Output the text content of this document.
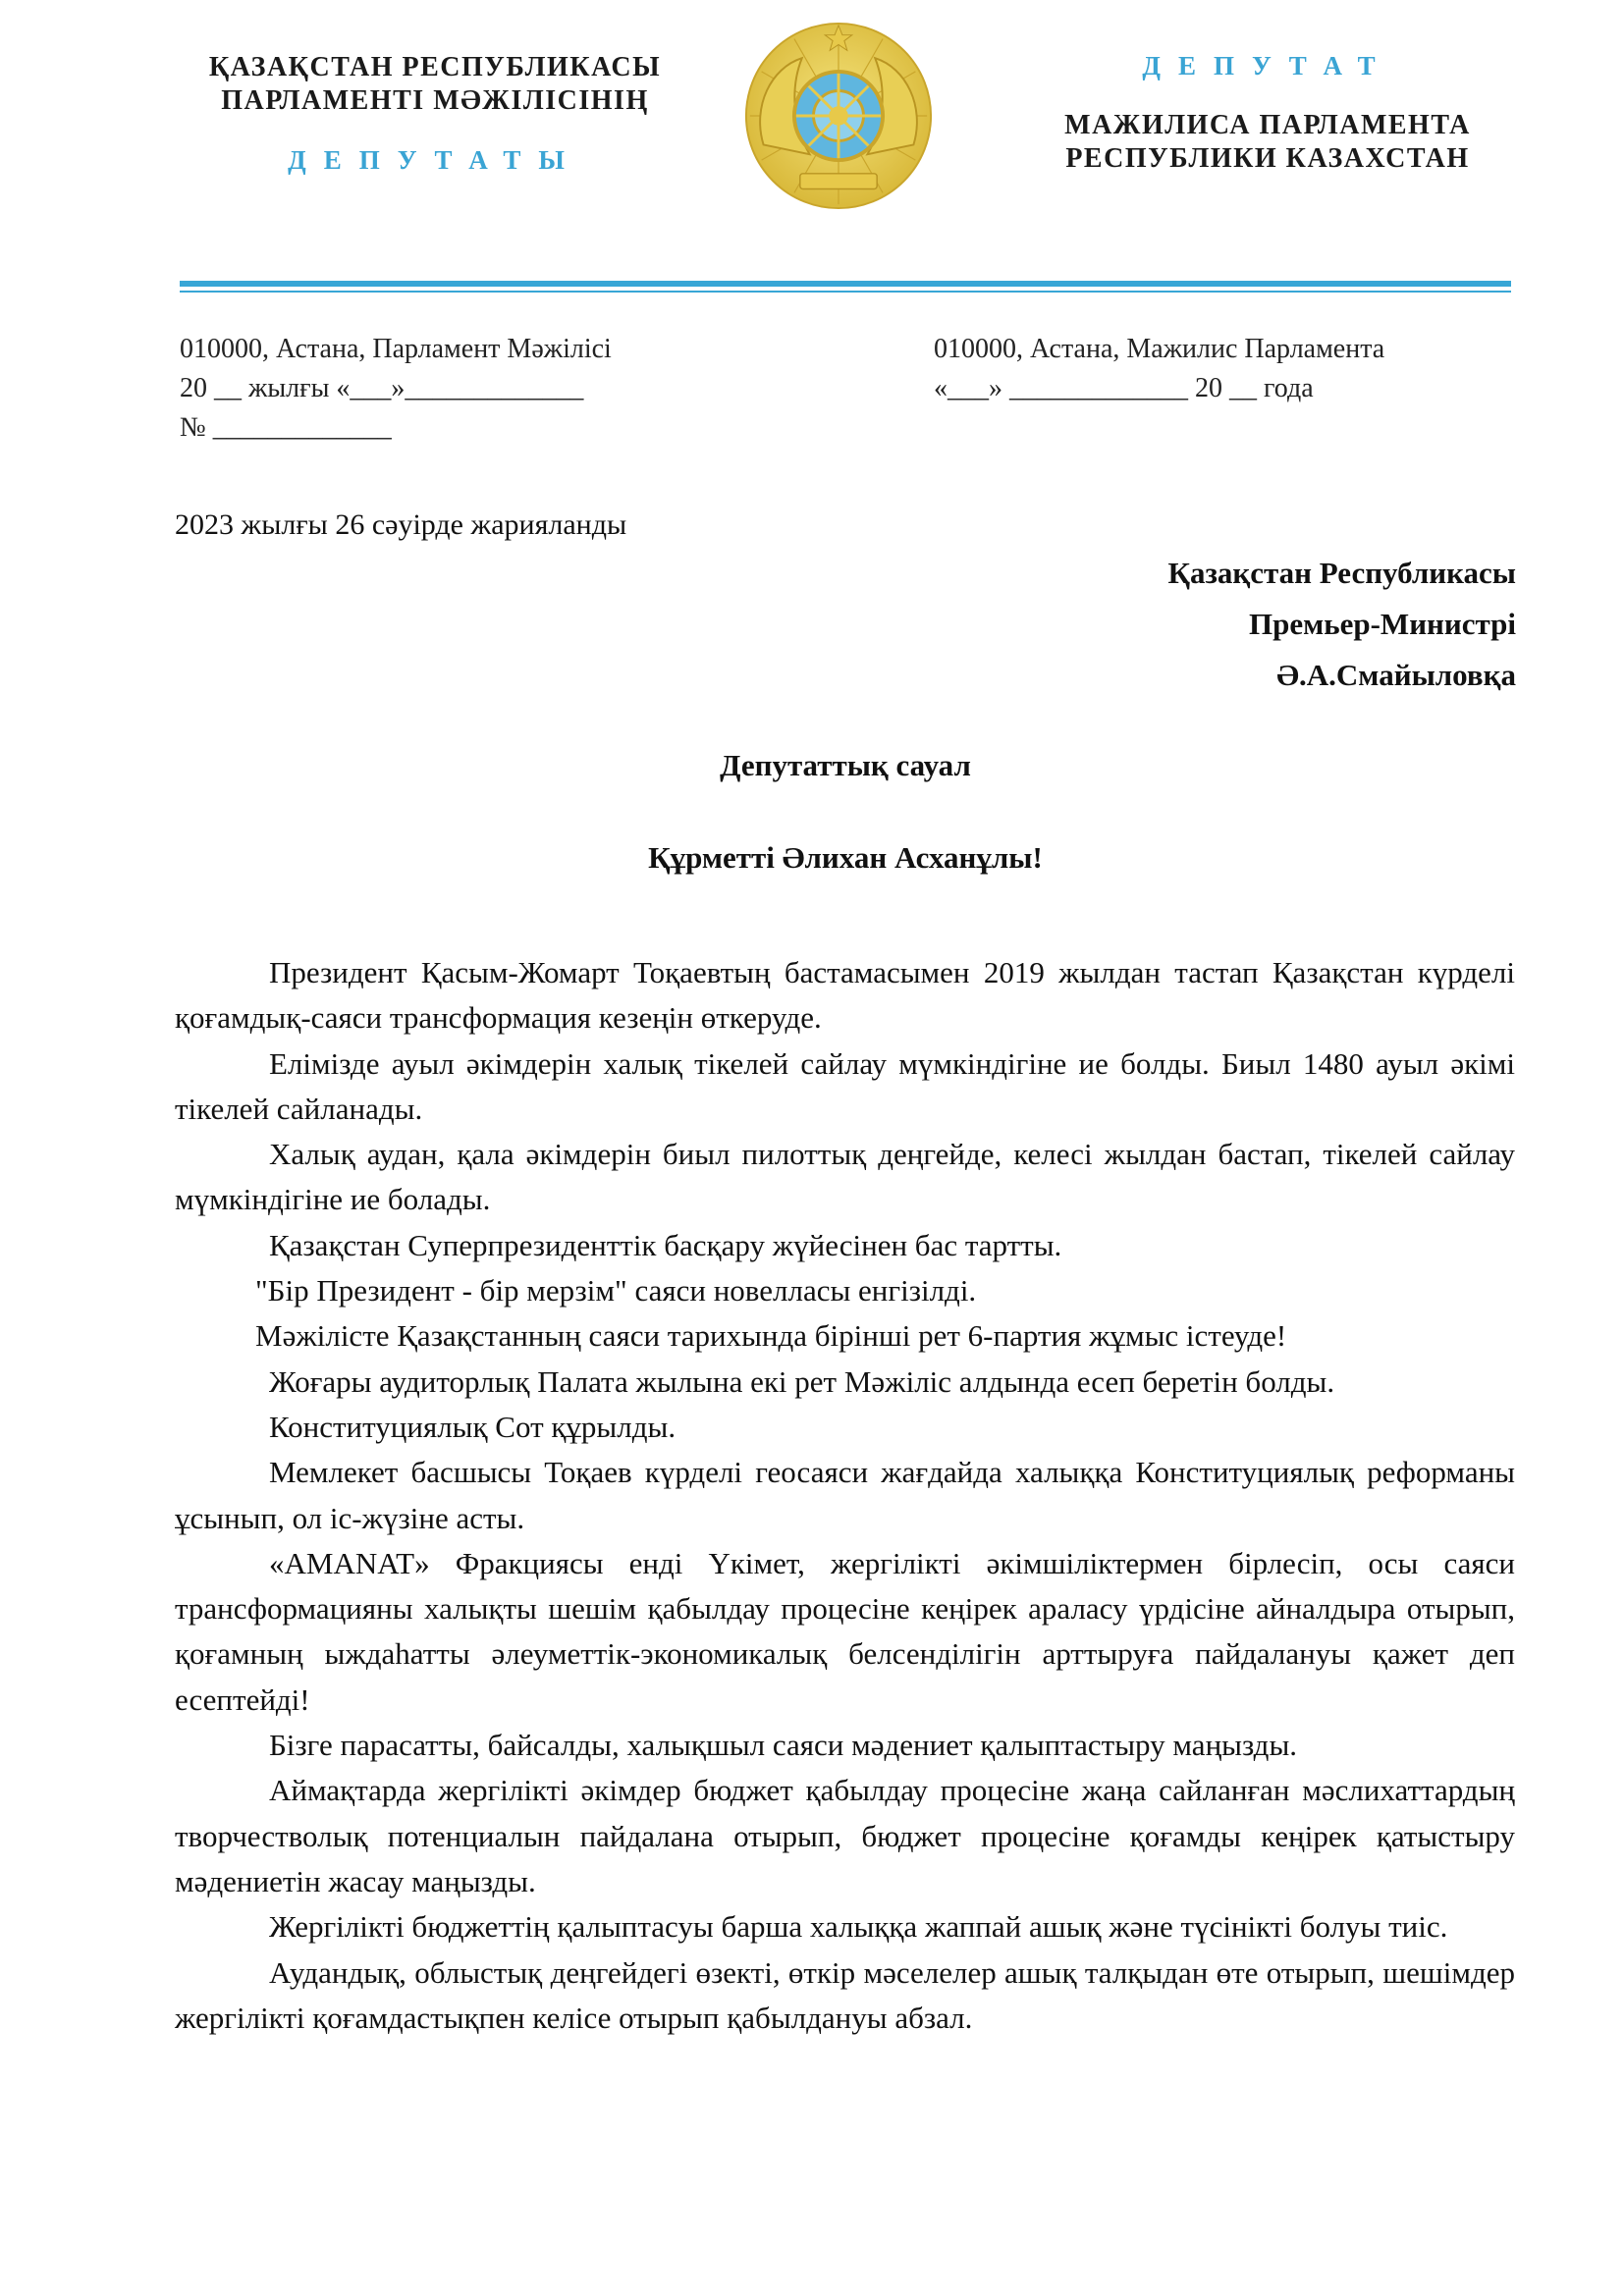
ҚАЗАҚСТАН РЕСПУБЛИКАСЫ
ПАРЛАМЕНТІ МӘЖІЛІСІНІҢ
ДЕПУТАТЫ
ДЕПУТАТ
МАЖИЛИСА ПАРЛАМЕНТА
РЕСПУБЛИКИ КАЗАХСТАН
010000, Астана, Парламент Мәжілісі
20 __ жылғы «___»_____________
№ _____________
010000, Астана, Мажилис Парламента
«___» _____________ 20 __ года
2023 жылғы 26 сәуірде жарияланды
Қазақстан Республикасы
Премьер-Министрі
Ә.А.Смайыловқа
Депутаттық сауал
Құрметті Әлихан Асханұлы!

Президент Қасым-Жомарт Тоқаевтың бастамасымен 2019 жылдан тастап Қазақстан күрделі қоғамдық-саяси трансформация кезеңін өткеруде.

Елімізде ауыл әкімдерін халық тікелей сайлау мүмкіндігіне ие болды. Биыл 1480 ауыл әкімі тікелей сайланады.

Халық аудан, қала әкімдерін биыл пилоттық деңгейде, келесі жылдан бастап, тікелей сайлау мүмкіндігіне ие болады.

Қазақстан Суперпрезиденттік басқару жүйесінен бас тартты.

"Бір Президент - бір мерзім" саяси новелласы енгізілді.

Мәжілісте Қазақстанның саяси тарихында бірінші рет 6-партия жұмыс істеуде!

Жоғары аудиторлық Палата жылына екі рет Мәжіліс алдында есеп беретін болды.

Конституциялық Сот құрылды.

Мемлекет басшысы Тоқаев күрделі геосаяси жағдайда халыққа Конституциялық реформаны ұсынып, ол іс-жүзіне асты.

«AMANAT» Фракциясы енді Үкімет, жергілікті әкімшіліктермен бірлесіп, осы саяси трансформацияны халықты шешім қабылдау процесіне кеңірек араласу үрдісіне айналдыра отырып, қоғамның ыждаһатты әлеуметтік-экономикалық белсенділігін арттыруға пайдалануы қажет деп есептейді!

Бізге парасатты, байсалды, халықшыл саяси мәдениет қалыптастыру маңызды.

Аймақтарда жергілікті әкімдер бюджет қабылдау процесіне жаңа сайланған мәслихаттардың творчестволық потенциалын пайдалана отырып, бюджет процесіне қоғамды кеңірек қатыстыру мәдениетін жасау маңызды.

Жергілікті бюджеттің қалыптасуы барша халыққа жаппай ашық және түсінікті болуы тиіс.

Аудандық, облыстық деңгейдегі өзекті, өткір мәселелер ашық талқыдан өте отырып, шешімдер жергілікті қоғамдастықпен келісе отырып қабылдануы абзал.
